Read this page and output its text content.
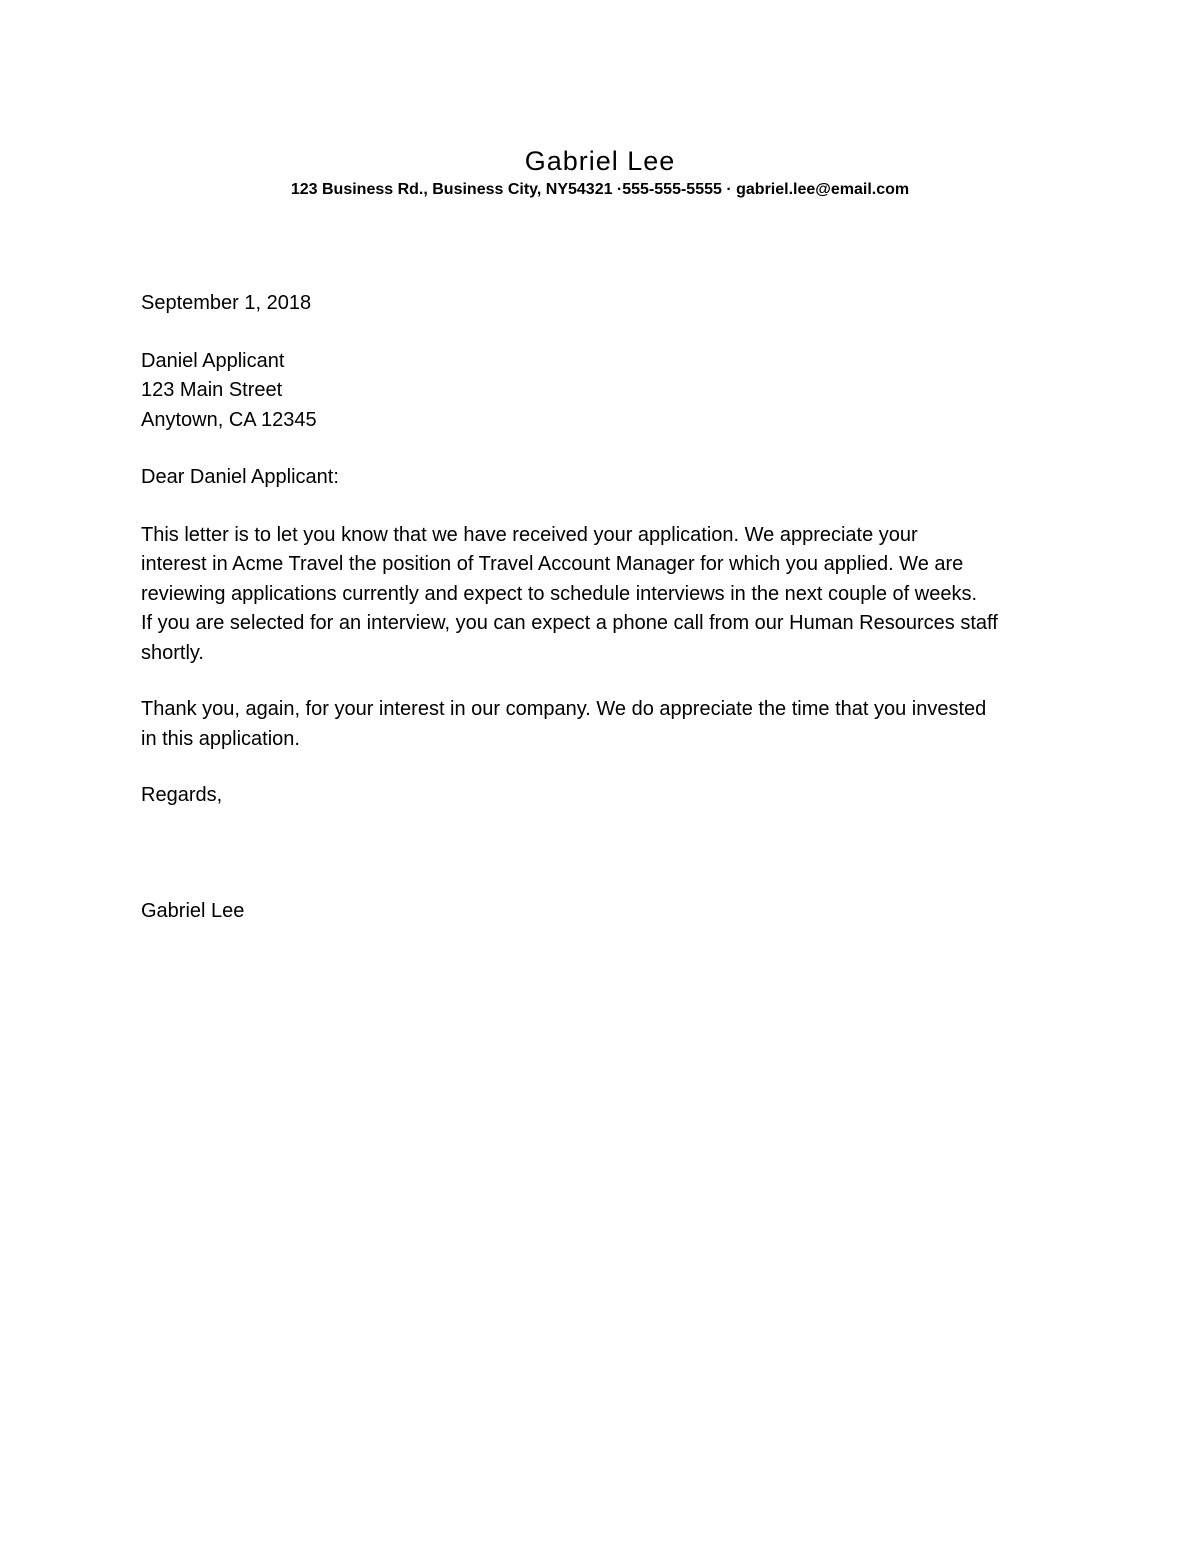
Gabriel Lee
123 Business Rd., Business City, NY54321 ·555-555-5555 · gabriel.lee@email.com
September 1, 2018
Daniel Applicant
123 Main Street
Anytown, CA 12345
Dear Daniel Applicant:
This letter is to let you know that we have received your application. We appreciate your
interest in Acme Travel the position of Travel Account Manager for which you applied. We are
reviewing applications currently and expect to schedule interviews in the next couple of weeks.
If you are selected for an interview, you can expect a phone call from our Human Resources staff
shortly.
Thank you, again, for your interest in our company. We do appreciate the time that you invested
in this application.
Regards,
Gabriel Lee
